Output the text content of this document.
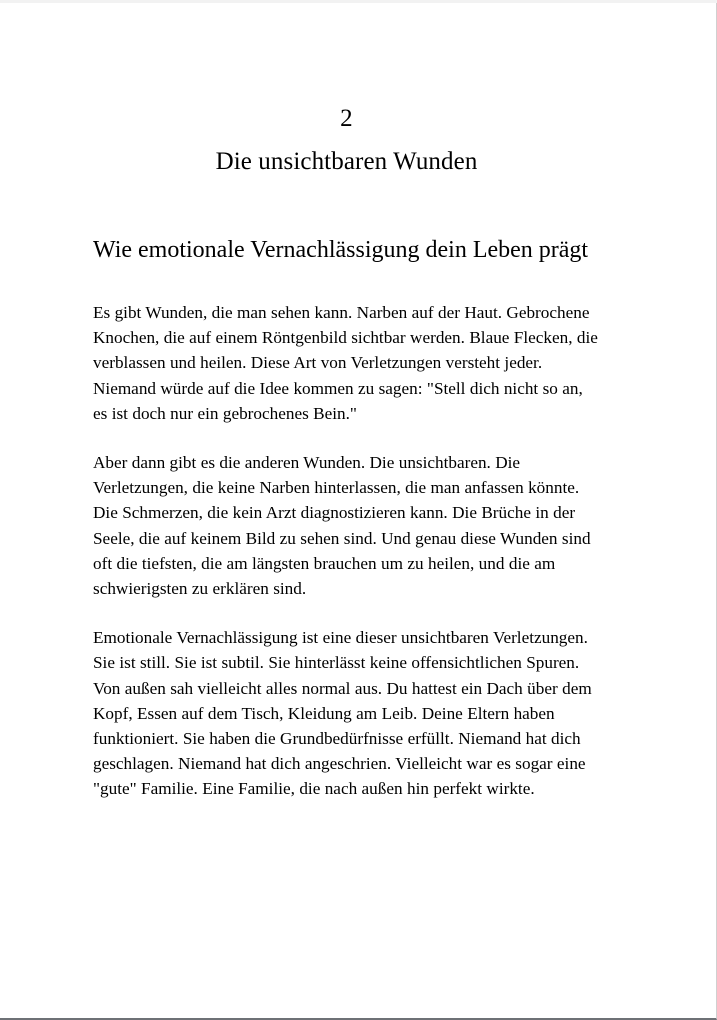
2
Die unsichtbaren Wunden
Wie emotionale Vernachlässigung dein Leben prägt

Es gibt Wunden, die man sehen kann. Narben auf der Haut. Gebrochene Knochen, die auf einem Röntgenbild sichtbar werden. Blaue Flecken, die verblassen und heilen. Diese Art von Verletzungen versteht jeder. Niemand würde auf die Idee kommen zu sagen: "Stell dich nicht so an, es ist doch nur ein gebrochenes Bein."

Aber dann gibt es die anderen Wunden. Die unsichtbaren. Die Verletzungen, die keine Narben hinterlassen, die man anfassen könnte. Die Schmerzen, die kein Arzt diagnostizieren kann. Die Brüche in der Seele, die auf keinem Bild zu sehen sind. Und genau diese Wunden sind oft die tiefsten, die am längsten brauchen um zu heilen, und die am schwierigsten zu erklären sind.

Emotionale Vernachlässigung ist eine dieser unsichtbaren Verletzungen. Sie ist still. Sie ist subtil. Sie hinterlässt keine offensichtlichen Spuren. Von außen sah vielleicht alles normal aus. Du hattest ein Dach über dem Kopf, Essen auf dem Tisch, Kleidung am Leib. Deine Eltern haben funktioniert. Sie haben die Grundbedürfnisse erfüllt. Niemand hat dich geschlagen. Niemand hat dich angeschrien. Vielleicht war es sogar eine "gute" Familie. Eine Familie, die nach außen hin perfekt wirkte.
